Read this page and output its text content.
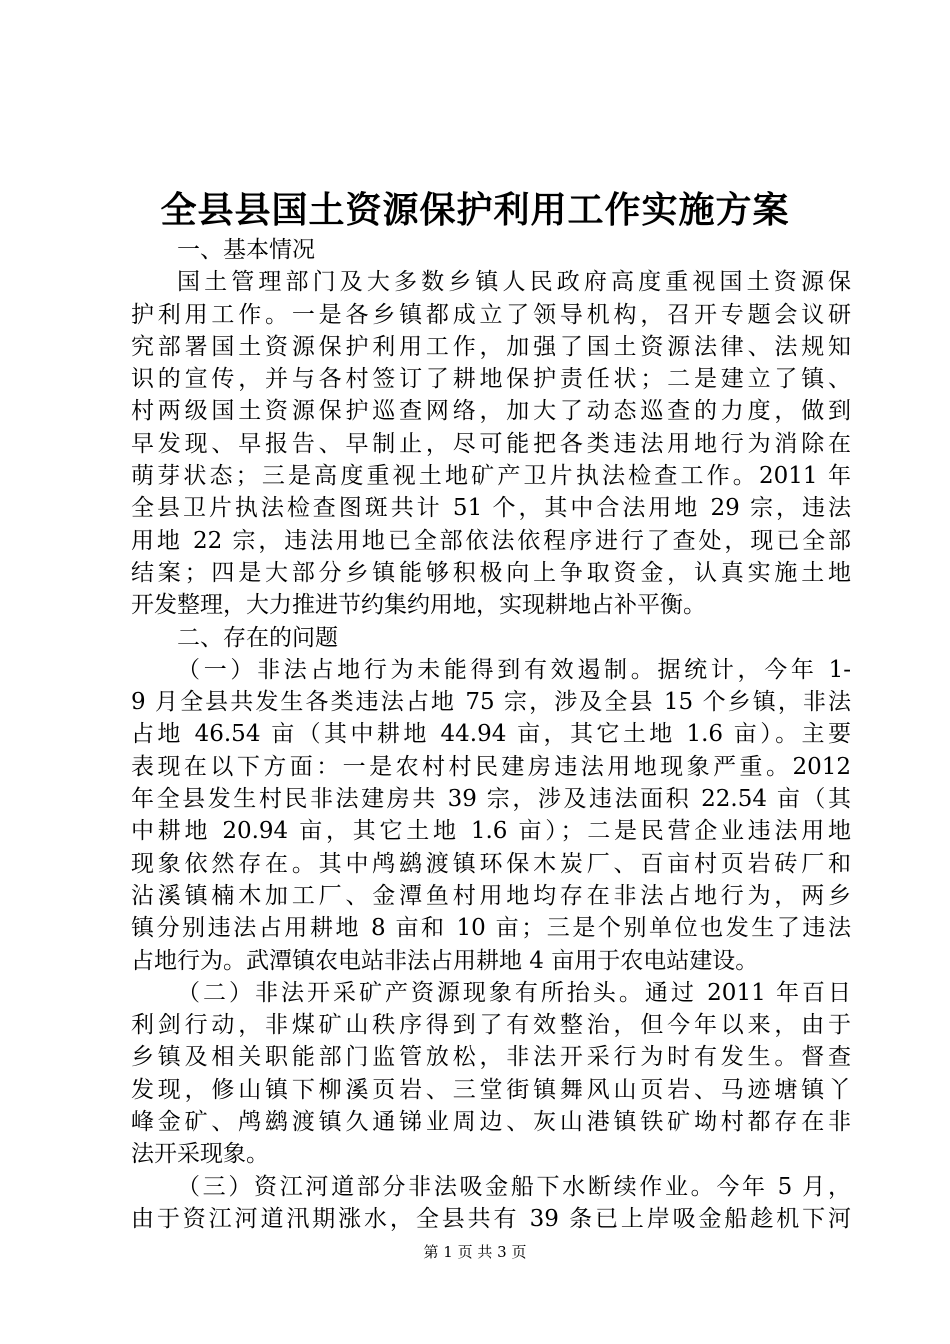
全县县国土资源保护利用工作实施方案
一、基本情况
国土管理部门及大多数乡镇人民政府高度重视国土资源保
护利用工作。一是各乡镇都成立了领导机构，召开专题会议研
究部署国土资源保护利用工作，加强了国土资源法律、法规知
识的宣传，并与各村签订了耕地保护责任状；二是建立了镇、
村两级国土资源保护巡查网络，加大了动态巡查的力度，做到
早发现、早报告、早制止，尽可能把各类违法用地行为消除在
萌芽状态；三是高度重视土地矿产卫片执法检查工作。2011 年
全县卫片执法检查图斑共计 51 个，其中合法用地 29 宗，违法
用地 22 宗，违法用地已全部依法依程序进行了查处，现已全部
结案；四是大部分乡镇能够积极向上争取资金，认真实施土地
开发整理，大力推进节约集约用地，实现耕地占补平衡。
二、存在的问题
（一）非法占地行为未能得到有效遏制。据统计，今年 1-
9 月全县共发生各类违法占地 75 宗，涉及全县 15 个乡镇，非法
占地 46.54 亩（其中耕地 44.94 亩，其它土地 1.6 亩）。主要
表现在以下方面：一是农村村民建房违法用地现象严重。2012
年全县发生村民非法建房共 39 宗，涉及违法面积 22.54 亩（其
中耕地 20.94 亩，其它土地 1.6 亩）；二是民营企业违法用地
现象依然存在。其中鸬鹚渡镇环保木炭厂、百亩村页岩砖厂和
沾溪镇楠木加工厂、金潭鱼村用地均存在非法占地行为，两乡
镇分别违法占用耕地 8 亩和 10 亩；三是个别单位也发生了违法
占地行为。武潭镇农电站非法占用耕地 4 亩用于农电站建设。
（二）非法开采矿产资源现象有所抬头。通过 2011 年百日
利剑行动，非煤矿山秩序得到了有效整治，但今年以来，由于
乡镇及相关职能部门监管放松，非法开采行为时有发生。督查
发现，修山镇下柳溪页岩、三堂街镇舞风山页岩、马迹塘镇丫
峰金矿、鸬鹚渡镇久通锑业周边、灰山港镇铁矿坳村都存在非
法开采现象。
（三）资江河道部分非法吸金船下水断续作业。今年 5 月，
由于资江河道汛期涨水，全县共有 39 条已上岸吸金船趁机下河
第 1 页 共 3 页
